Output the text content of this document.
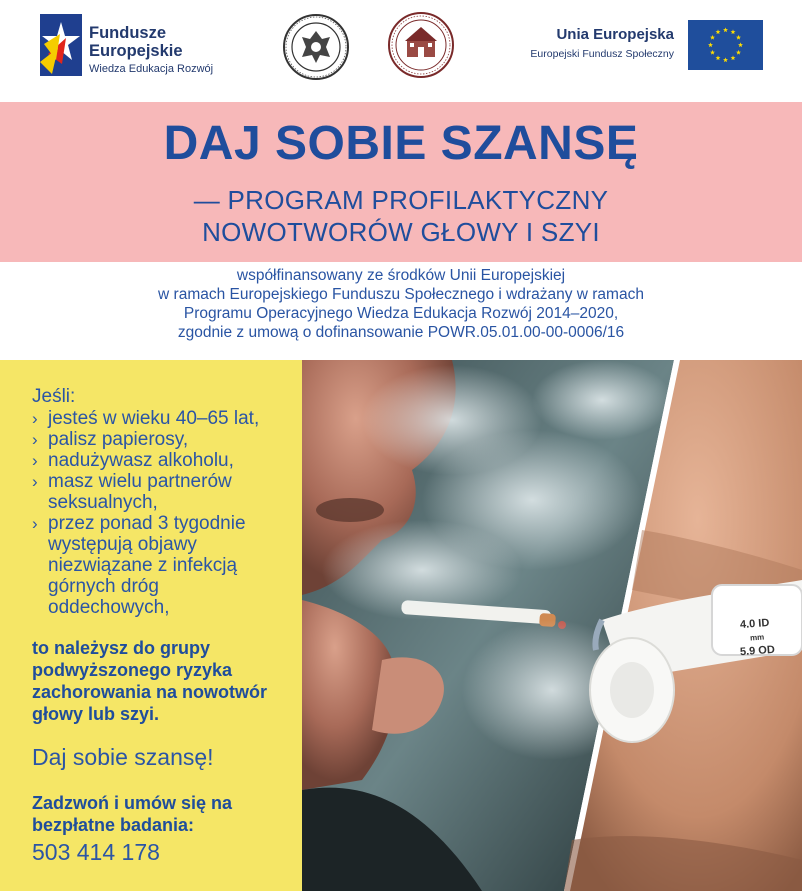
Fundusze
Europejskie
Wiedza Edukacja Rozwój
Unia Europejska
Europejski Fundusz Społeczny
DAJ SOBIE SZANSĘ
— PROGRAM PROFILAKTYCZNY
NOWOTWORÓW GŁOWY I SZYI
współfinansowany ze środków Unii Europejskiej
w ramach Europejskiego Funduszu Społecznego i wdrażany w ramach
Programu Operacyjnego Wiedza Edukacja Rozwój 2014–2020,
zgodnie z umową o dofinansowanie POWR.05.01.00-00-0006/16
Jeśli:
› jesteś w wieku 40–65 lat,
› palisz papierosy,
› nadużywasz alkoholu,
› masz wielu partnerów seksualnych,
› przez ponad 3 tygodnie występują objawy niezwiązane z infekcją górnych dróg oddechowych,
to należysz do grupy podwyższonego ryzyka zachorowania na nowotwór głowy lub szyi.
Daj sobie szansę!
Zadzwoń i umów się na bezpłatne badania:
503 414 178
4.0 ID
mm
5.9 OD
